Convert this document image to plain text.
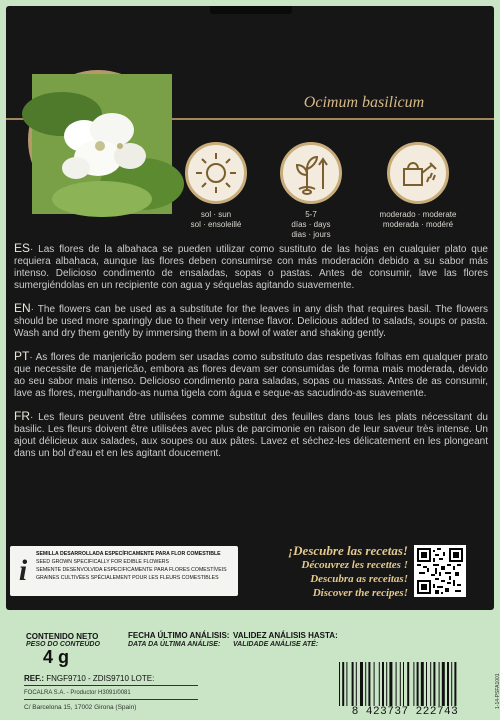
Ocimum basilicum
sol · sun
sol · ensoleillé
5-7
días · days
dias · jours
moderado · moderate
moderada · modéré

ES· Las flores de la albahaca se pueden utilizar como sustituto de las hojas en cualquier plato que requiera albahaca, aunque las flores deben consumirse con más moderación debido a su sabor más intenso. Delicioso condimento de ensaladas, sopas o pastas. Antes de consumir, lave las flores sumergiéndolas en un recipiente con agua y séquelas agitando suavemente.

EN· The flowers can be used as a substitute for the leaves in any dish that requires basil. The flowers should be used more sparingly due to their very intense flavor. Delicious added to salads, soups or pasta. Wash and dry them gently by immersing them in a bowl of water and shaking gently.

PT· As flores de manjericão podem ser usadas como substituto das respetivas folhas em qualquer prato que necessite de manjericão, embora as flores devam ser consumidas de forma mais moderada, devido ao seu sabor mais intenso. Delicioso condimento para saladas, sopas ou massas. Antes de as consumir, lave as flores, mergulhando-as numa tigela com água e seque-as sacudindo-as suavemente.

FR· Les fleurs peuvent être utilisées comme substitut des feuilles dans tous les plats nécessitant du basilic. Les fleurs doivent être utilisées avec plus de parcimonie en raison de leur saveur très intense. Un ajout délicieux aux salades, aux soupes ou aux pâtes. Lavez et séchez-les délicatement en les plongeant dans un bol d'eau et en les agitant doucement.

i	SEMILLA DESARROLLADA ESPECÍFICAMENTE PARA FLOR COMESTIBLE
SEED GROWN SPECIFICALLY FOR EDIBLE FLOWERS
SEMENTE DESENVOLVIDA ESPECIFICAMENTE PARA FLORES COMESTÍVEIS
GRAINES CULTIVÉES SPÉCIALEMENT POUR LES FLEURS COMESTIBLES
¡Descubre las recetas!
Découvrez les recettes !
Descubra as receitas!
Discover the recipes!
CONTENIDO NETO
PESO DO CONTEÚDO
4 g
FECHA ÚLTIMO ANÁLISIS:
DATA DA ÚLTIMA ANÁLISE:
VALIDEZ ANÁLISIS HASTA:
VALIDADE ANÁLISE ATÉ:
REF.: FNGF9710 - ZDIS9710 LOTE:
FOCALRA S.A. - Productor H3091/0081
C/ Barcelona 15, 17002 Girona (Spain)	8 423737 222743
1-14-PSFA1001
